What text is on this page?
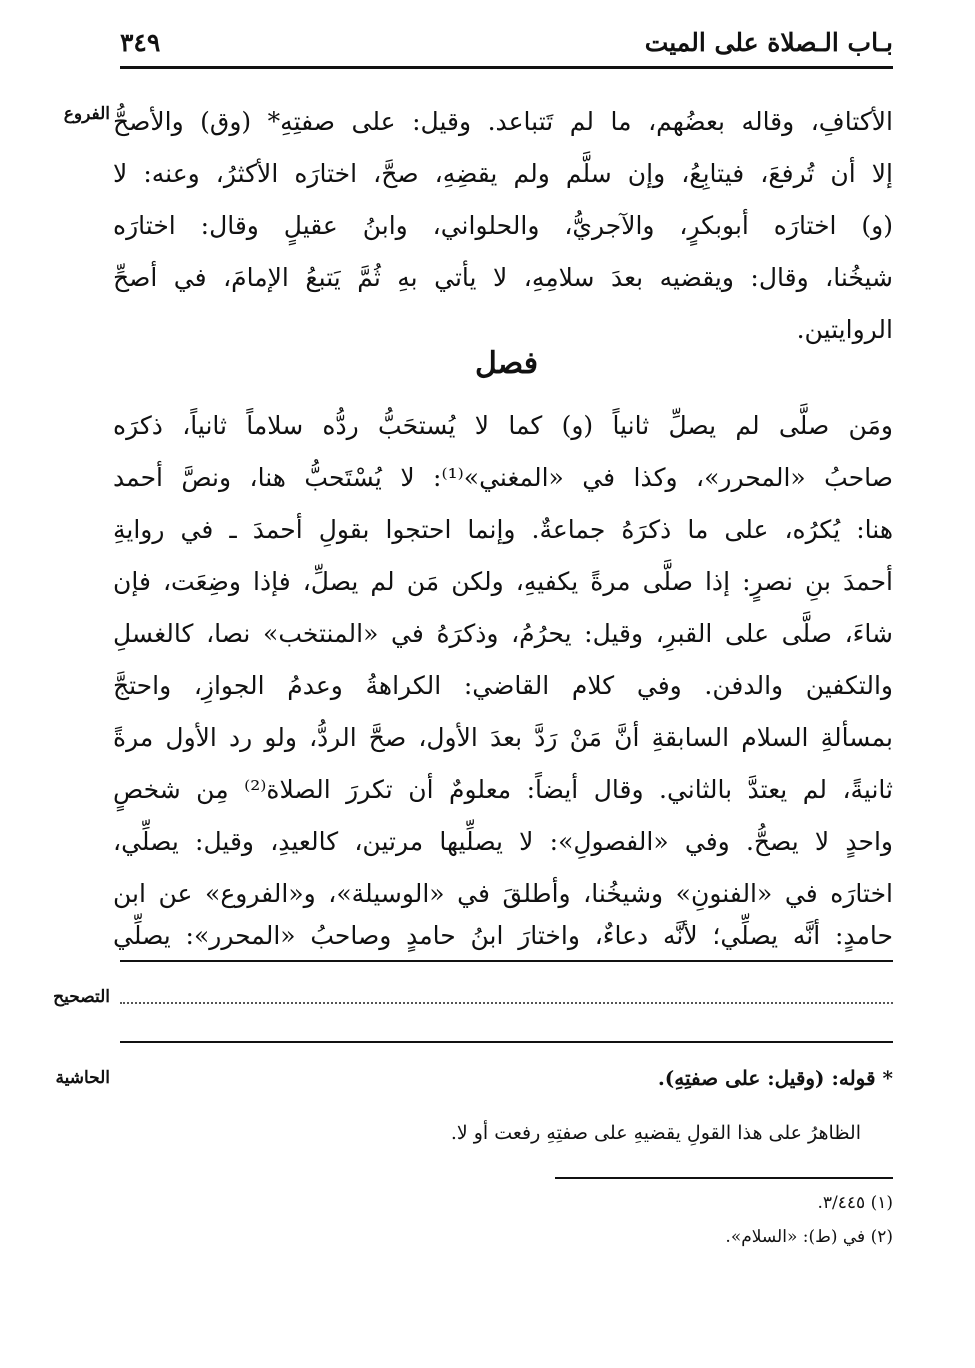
بـاب الـصلاة على الميت
٣٤٩
الفروع الأكتافِ، وقاله بعضُهم، ما لم تَتباعد. وقيل: على صفتِهِ* (وق) والأصحُّ
إلا أن تُرفعَ، فيتابِعُ، وإن سلَّم ولم يقضِهِ، صحَّ، اختارَه الأكثرُ، وعنه: لا
(و) اختارَه أبوبكرٍ، والآجريُّ، والحلواني، وابنُ عقيلٍ وقال: اختارَه
شيخُنا، وقال: ويقضيه بعدَ سلامِهِ، لا يأتي بهِ ثُمَّ يَتبعُ الإمامَ، في أصحِّ
الروايتين.
فصل
ومَن صلَّى لم يصلِّ ثانياً (و) كما لا يُستحَبُّ ردُّه سلاماً ثانياً، ذكرَه
صاحبُ «المحرر»، وكذا في «المغني»⁽¹⁾: لا يُسْتَحبُّ هنا، ونصَّ أحمد
هنا: يُكرُه، على ما ذكرَهُ جماعةٌ. وإنما احتجوا بقولِ أحمدَ ـ في روايةِ
أحمدَ بنِ نصرٍ: إذا صلَّى مرةً يكفيهِ، ولكن مَن لم يصلِّ، فإذا وضِعَت، فإن
شاءَ، صلَّى على القبرِ، وقيل: يحرُمُ، وذكرَهُ في «المنتخب» نصا، كالغسلِ
والتكفين والدفن. وفي كلام القاضي: الكراهةُ وعدمُ الجوازِ، واحتجَّ
بمسألةِ السلام السابقةِ أنَّ مَنْ رَدَّ بعدَ الأول، صحَّ الردُّ، ولو رد الأول مرةً
ثانيةً، لم يعتدَّ بالثاني. وقال أيضاً: معلومٌ أن تكررَ الصلاة⁽²⁾ مِن شخصٍ
واحدٍ لا يصحُّ. وفي «الفصولِ»: لا يصلِّيها مرتين، كالعيدِ، وقيل: يصلِّي،
اختارَه في «الفنونِ» وشيخُنا، وأطلقَ في «الوسيلة»، و«الفروع» عن ابن
حامدٍ: أنَّه يصلِّي؛ لأنَّه دعاءٌ، واختارَ ابنُ حامدٍ وصاحبُ «المحرر»: يصلِّي
التصحيح
الحاشية	* قوله: (وقيل: على صفتِهِ).
الظاهرُ على هذا القولِ يقضيهِ على صفتِهِ رفعت أو لا.
(١) ٣/٤٤٥.
(٢) في (ط): «السلام».
